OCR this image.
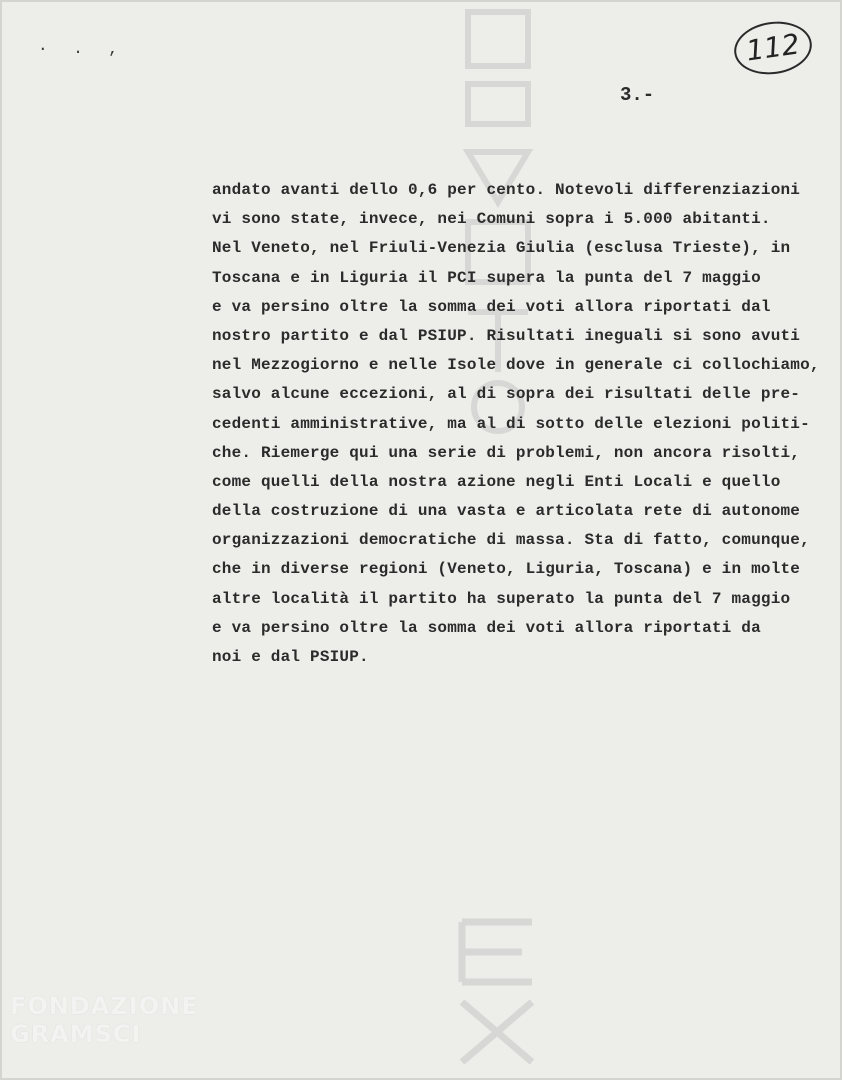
· . ,	112
3.-
andato avanti dello 0,6 per cento. Notevoli differenziazioni
vi sono state, invece, nei Comuni sopra i 5.000 abitanti.
Nel Veneto, nel Friuli-Venezia Giulia (esclusa Trieste), in
Toscana e in Liguria il PCI supera la punta del 7 maggio
e va persino oltre la somma dei voti allora riportati dal
nostro partito e dal PSIUP. Risultati ineguali si sono avuti
nel Mezzogiorno e nelle Isole dove in generale ci collochiamo,
salvo alcune eccezioni, al di sopra dei risultati delle pre-
cedenti amministrative, ma al di sotto delle elezioni politi-
che. Riemerge qui una serie di problemi, non ancora risolti,
come quelli della nostra azione negli Enti Locali e quello
della costruzione di una vasta e articolata rete di autonome
organizzazioni democratiche di massa. Sta di fatto, comunque,
che in diverse regioni (Veneto, Liguria, Toscana) e in molte
altre località il partito ha superato la punta del 7 maggio
e va persino oltre la somma dei voti allora riportati da
noi e dal PSIUP.
FONDAZIONE
GRAMSCI
